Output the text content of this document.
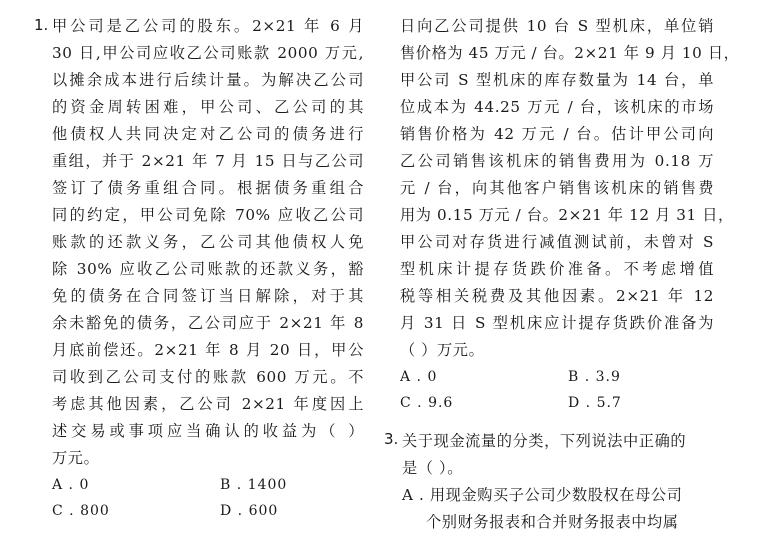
1. 甲公司是乙公司的股东。2×21 年 6 月
30 日,甲公司应收乙公司账款 2000 万元,
以摊余成本进行后续计量。为解决乙公司
的资金周转困难，甲公司、乙公司的其
他债权人共同决定对乙公司的债务进行
重组，并于 2×21 年 7 月 15 日与乙公司
签订了债务重组合同。根据债务重组合
同的约定，甲公司免除 70% 应收乙公司
账款的还款义务，乙公司其他债权人免
除 30% 应收乙公司账款的还款义务，豁
免的债务在合同签订当日解除，对于其
余未豁免的债务，乙公司应于 2×21 年 8
月底前偿还。2×21 年 8 月 20 日，甲公
司收到乙公司支付的账款 600 万元。不
考虑其他因素，乙公司 2×21 年度因上
述交易或事项应当确认的收益为（ ）
万元。
A . 0	B . 1400
C . 800	D . 600
日向乙公司提供 10 台 S 型机床，单位销
售价格为 45 万元 / 台。2×21 年 9 月 10 日，
甲公司 S 型机床的库存数量为 14 台，单
位成本为 44.25 万元 / 台，该机床的市场
销售价格为 42 万元 / 台。估计甲公司向
乙公司销售该机床的销售费用为 0.18 万
元 / 台，向其他客户销售该机床的销售费
用为 0.15 万元 / 台。2×21 年 12 月 31 日，
甲公司对存货进行减值测试前，未曾对 S
型机床计提存货跌价准备。不考虑增值
税等相关税费及其他因素。2×21 年 12
月 31 日 S 型机床应计提存货跌价准备为
（ ）万元。
A . 0	B . 3.9
C . 9.6	D . 5.7
3. 关于现金流量的分类，下列说法中正确的
是（ ）。
A . 用现金购买子公司少数股权在母公司
个别财务报表和合并财务报表中均属
